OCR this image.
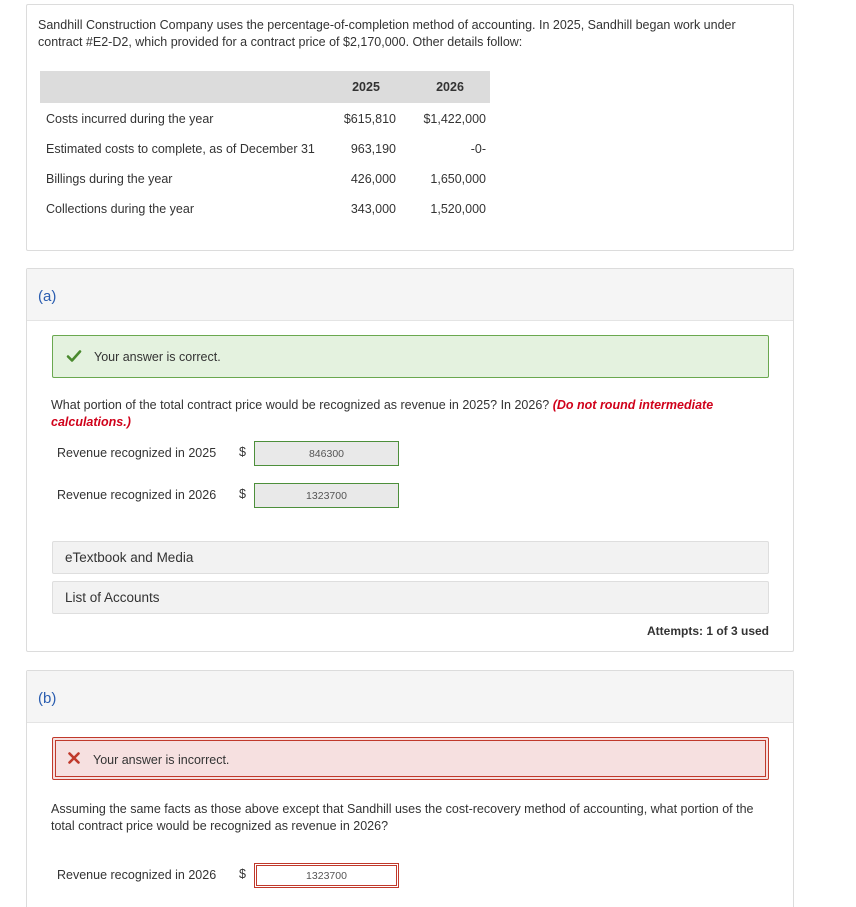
Sandhill Construction Company uses the percentage-of-completion method of accounting. In 2025, Sandhill began work under contract #E2-D2, which provided for a contract price of $2,170,000. Other details follow:

2025	2026
Costs incurred during the year	$615,810 $1,422,000
Estimated costs to complete, as of December 31	963,190	-0-
Billings during the year	426,000	1,650,000
Collections during the year	343,000	1,520,000
(a)
Your answer is correct.

What portion of the total contract price would be recognized as revenue in 2025? In 2026? (Do not round intermediate calculations.)

Revenue recognized in 2025 $
846300
Revenue recognized in 2026 $
1323700
eTextbook and Media
List of Accounts
Attempts: 1 of 3 used
(b)
Your answer is incorrect.

Assuming the same facts as those above except that Sandhill uses the cost-recovery method of accounting, what portion of the total contract price would be recognized as revenue in 2026?

Revenue recognized in 2026 $
1323700
